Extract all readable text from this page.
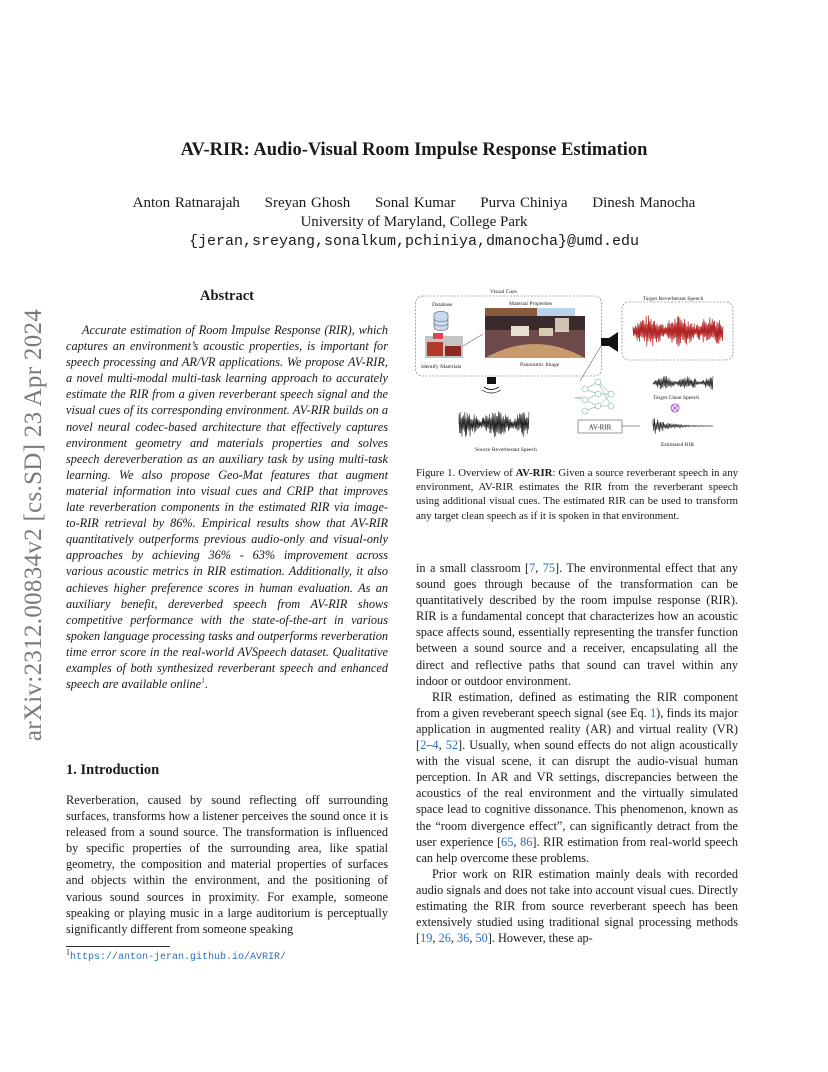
arXiv:2312.00834v2 [cs.SD] 23 Apr 2024
AV-RIR: Audio-Visual Room Impulse Response Estimation
Anton Ratnarajah Sreyan Ghosh Sonal Kumar Purva Chiniya Dinesh Manocha
University of Maryland, College Park
{jeran,sreyang,sonalkum,pchiniya,dmanocha}@umd.edu
Abstract

Accurate estimation of Room Impulse Response (RIR), which captures an environment’s acoustic properties, is important for speech processing and AR/VR applications. We propose AV-RIR, a novel multi-modal multi-task learning approach to accurately estimate the RIR from a given reverberant speech signal and the visual cues of its corresponding environment. AV-RIR builds on a novel neural codec-based architecture that effectively captures environment geometry and materials properties and solves speech dereverberation as an auxiliary task by using multi-task learning. We also propose Geo-Mat features that augment material information into visual cues and CRIP that improves late reverberation components in the estimated RIR via image-to-RIR retrieval by 86%. Empirical results show that AV-RIR quantitatively outperforms previous audio-only and visual-only approaches by achieving 36% - 63% improvement across various acoustic metrics in RIR estimation. Additionally, it also achieves higher preference scores in human evaluation. As an auxiliary benefit, dereverbed speech from AV-RIR shows competitive performance with the state-of-the-art in various spoken language processing tasks and outperforms reverberation time error score in the real-world AVSpeech dataset. Qualitative examples of both synthesized reverberant speech and enhanced speech are available online$^1$.

1. Introduction

Reverberation, caused by sound reflecting off surrounding surfaces, transforms how a listener perceives the sound once it is released from a sound source. The transformation is influenced by specific properties of the surrounding area, like spatial geometry, the composition and material properties of surfaces and objects within the environment, and the positioning of various sound sources in proximity. For example, someone speaking or playing music in a large auditorium is perceptually significantly different from someone speaking

$^1$https://anton-jeran.github.io/AVRIR/
Visual Cues
Database	Material Properties
Panoramic Image
Identify Materials
Target Reverberant Speech
AV-RIR
Source Reverberant Speech
Target Clean Speech
Estimated RIR
Figure 1. Overview of AV-RIR: Given a source reverberant speech in any environment, AV-RIR estimates the RIR from the reverberant speech using additional visual cues. The estimated RIR can be used to transform any target clean speech as if it is spoken in that environment.

in a small classroom [7, 75]. The environmental effect that any sound goes through because of the transformation can be quantitatively described by the room impulse response (RIR). RIR is a fundamental concept that characterizes how an acoustic space affects sound, essentially representing the transfer function between a sound source and a receiver, encapsulating all the direct and reflective paths that sound can travel within any indoor or outdoor environment.

RIR estimation, defined as estimating the RIR component from a given reveberant speech signal (see Eq. 1), finds its major application in augmented reality (AR) and virtual reality (VR) [2–4, 52]. Usually, when sound effects do not align acoustically with the visual scene, it can disrupt the audio-visual human perception. In AR and VR settings, discrepancies between the acoustics of the real environment and the virtually simulated space lead to cognitive dissonance. This phenomenon, known as the “room divergence effect”, can significantly detract from the user experience [65, 86]. RIR estimation from real-world speech can help overcome these problems.

Prior work on RIR estimation mainly deals with recorded audio signals and does not take into account visual cues. Directly estimating the RIR from source reverberant speech has been extensively studied using traditional signal processing methods [19, 26, 36, 50]. However, these ap-
